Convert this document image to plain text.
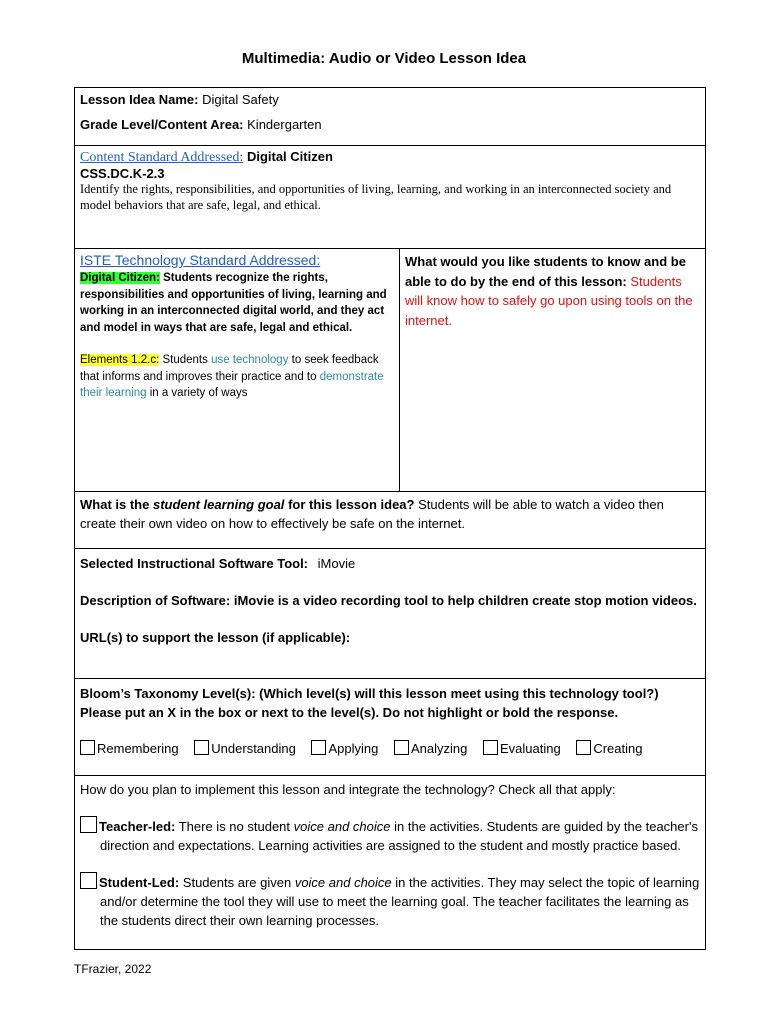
Multimedia: Audio or Video Lesson Idea
Lesson Idea Name: Digital Safety
Grade Level/Content Area: Kindergarten
Content Standard Addressed: Digital Citizen
CSS.DC.K-2.3
Identify the rights, responsibilities, and opportunities of living, learning, and working in an interconnected society and model behaviors that are safe, legal, and ethical.
ISTE Technology Standard Addressed:
Digital Citizen: Students recognize the rights, responsibilities and opportunities of living, learning and working in an interconnected digital world, and they act and model in ways that are safe, legal and ethical.
Elements 1.2.c: Students use technology to seek feedback that informs and improves their practice and to demonstrate their learning in a variety of ways
What would you like students to know and be able to do by the end of this lesson: Students will know how to safely go upon using tools on the internet.
What is the student learning goal for this lesson idea? Students will be able to watch a video then create their own video on how to effectively be safe on the internet.
Selected Instructional Software Tool: iMovie
Description of Software: iMovie is a video recording tool to help children create stop motion videos.
URL(s) to support the lesson (if applicable):
Bloom’s Taxonomy Level(s): (Which level(s) will this lesson meet using this technology tool?) Please put an X in the box or next to the level(s). Do not highlight or bold the response.
Remembering	Understanding	Applying	Analyzing	Evaluating	Creating
How do you plan to implement this lesson and integrate the technology? Check all that apply:
Teacher-led: There is no student voice and choice in the activities. Students are guided by the teacher's direction and expectations. Learning activities are assigned to the student and mostly practice based.
Student-Led: Students are given voice and choice in the activities. They may select the topic of learning and/or determine the tool they will use to meet the learning goal. The teacher facilitates the learning as the students direct their own learning processes.
TFrazier, 2022
